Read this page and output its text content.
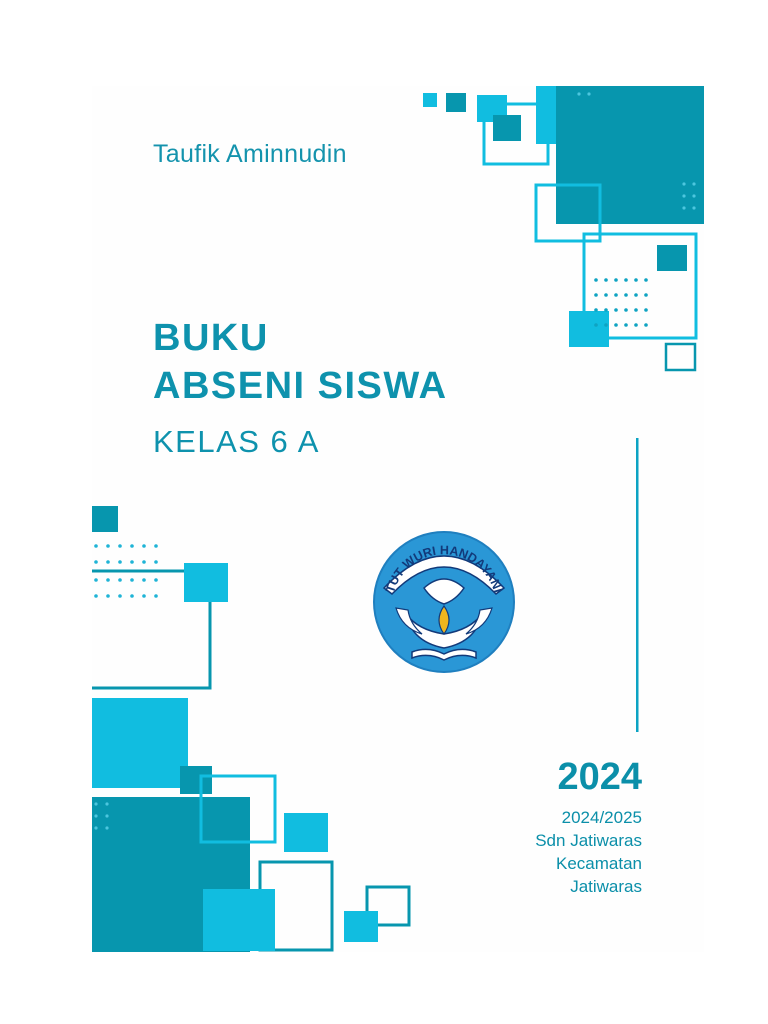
Taufik Aminnudin
BUKU
ABSENI SISWA
KELAS 6 A
TUT WURI HANDAYANI
2024
2024/2025
Sdn Jatiwaras
Kecamatan
Jatiwaras
